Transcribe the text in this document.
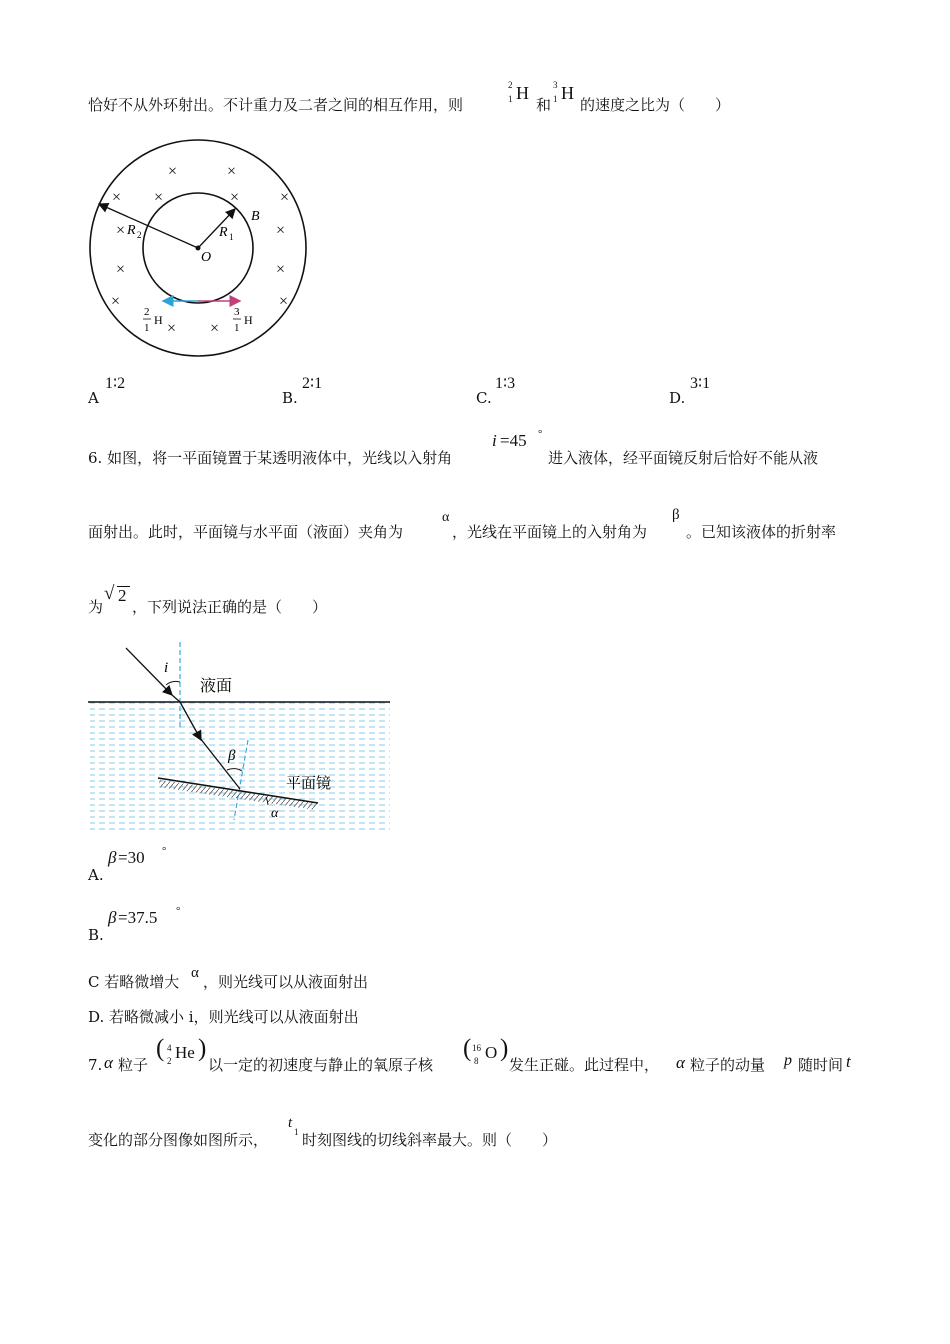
恰好不从外环射出。不计重力及二者之间的相互作用，则
2
1 H
和
3
1 H
的速度之比为（　　）
×	×
× ×	×	×
×	×
×	×
×	×
× ×
R 2	R 1
O
B
2
1
H
3
1
H
A
1∶2
B.
2∶1
C.
1∶3
D.
3∶1
6. 如图，将一平面镜置于某透明液体中，光线以入射角
i =45 °
进入液体，经平面镜反射后恰好不能从液
面射出。此时，平面镜与水平面（液面）夹角为
α
，光线在平面镜上的入射角为
β
。已知该液体的折射率
为
√ 2
，下列说法正确的是（　　）
i
液面
β
平面镜
α
A.
β =30 °
B.
β =37.5 °
C 若略微增大 α ，则光线可以从液面射出
D. 若略微减小 i，则光线可以从液面射出
7. α 粒子
( 4
2 He )
以一定的初速度与静止的氧原子核
( 16
8 O )
发生正碰。此过程中， α 粒子的动量 p 随时间 t
变化的部分图像如图所示，
t
1 时刻图线的切线斜率最大。则（　　）
